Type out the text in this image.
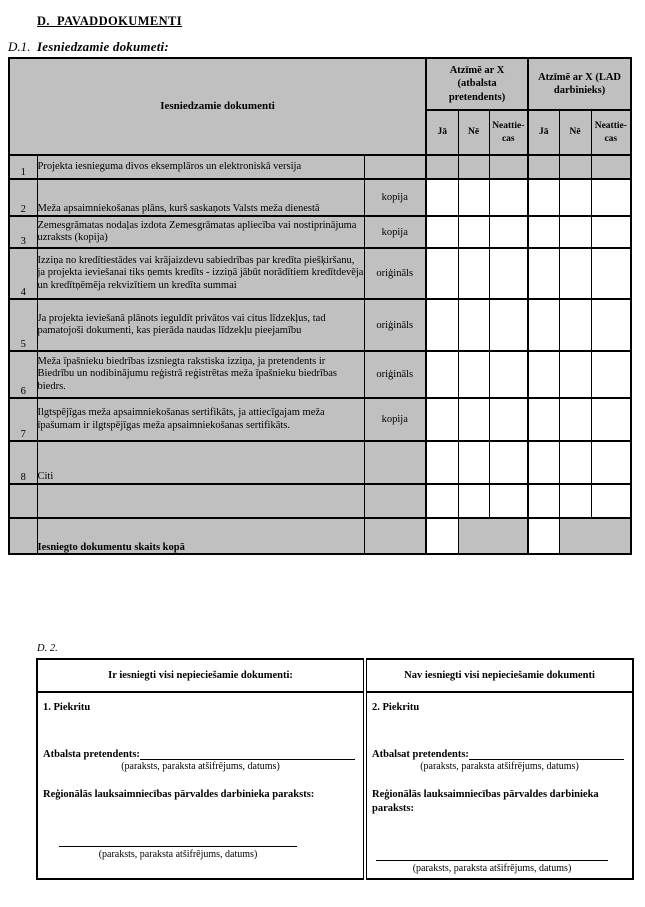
D.  PAVADDOKUMENTI
D.1. Iesniedzamie dokumeti:
Iesniedzamie dokumenti			Atzīmē ar X (atbalsta pretendents)			Atzīmē ar X (LAD darbinieks)		
			Jā	Nē	Neattie-cas	Jā	Nē	Neattie-cas
1	Projekta iesnieguma divos eksemplāros un elektroniskā versija							
2	Meža apsaimniekošanas plāns, kurš saskaņots Valsts meža dienestā	kopija						
3	Zemesgrāmatas nodaļas izdota Zemesgrāmatas apliecība vai nostiprinājuma uzraksts (kopija)	kopija						
4	Izziņa no kredītiestādes vai krājaizdevu sabiedrības par kredīta piešķiršanu, ja projekta ieviešanai tiks ņemts kredīts - izziņā jābūt norādītiem kredītdevēja un kredītņēmēja rekvizītiem un kredīta summai	oriģināls						
5	Ja projekta ieviešanā plānots ieguldīt privātos vai citus līdzekļus, tad pamatojoši dokumenti, kas pierāda naudas līdzekļu pieejamību	oriģināls						
6	Meža īpašnieku biedrības izsniegta rakstiska izziņa, ja pretendents ir Biedrību un nodibinājumu reģistrā reģistrētas meža īpašnieku biedrības biedrs.	oriģināls						
7	Ilgtspējīgas meža apsaimniekošanas sertifikāts, ja attiecīgajam meža īpašumam ir ilgtspējīgas meža apsaimniekošanas sertifikāts.	kopija						
8	Citi							

	Iesniegto dokumentu skaits kopā							
D. 2.
Ir iesniegti visi nepieciešamie dokumenti:	Nav iesniegti visi nepieciešamie dokumenti

1. Piekritu
Atbalsta pretendents:
(paraksts, paraksta atšifrējums, datums)
Reģionālās lauksaimniecības pārvaldes darbinieka paraksts:
(paraksts, paraksta atšifrējums, datums)

2. Piekritu
Atbalsat pretendents:
(paraksts, paraksta atšifrējums, datums)
Reģionālās lauksaimniecības pārvaldes darbinieka paraksts:
(paraksts, paraksta atšifrējums, datums)
